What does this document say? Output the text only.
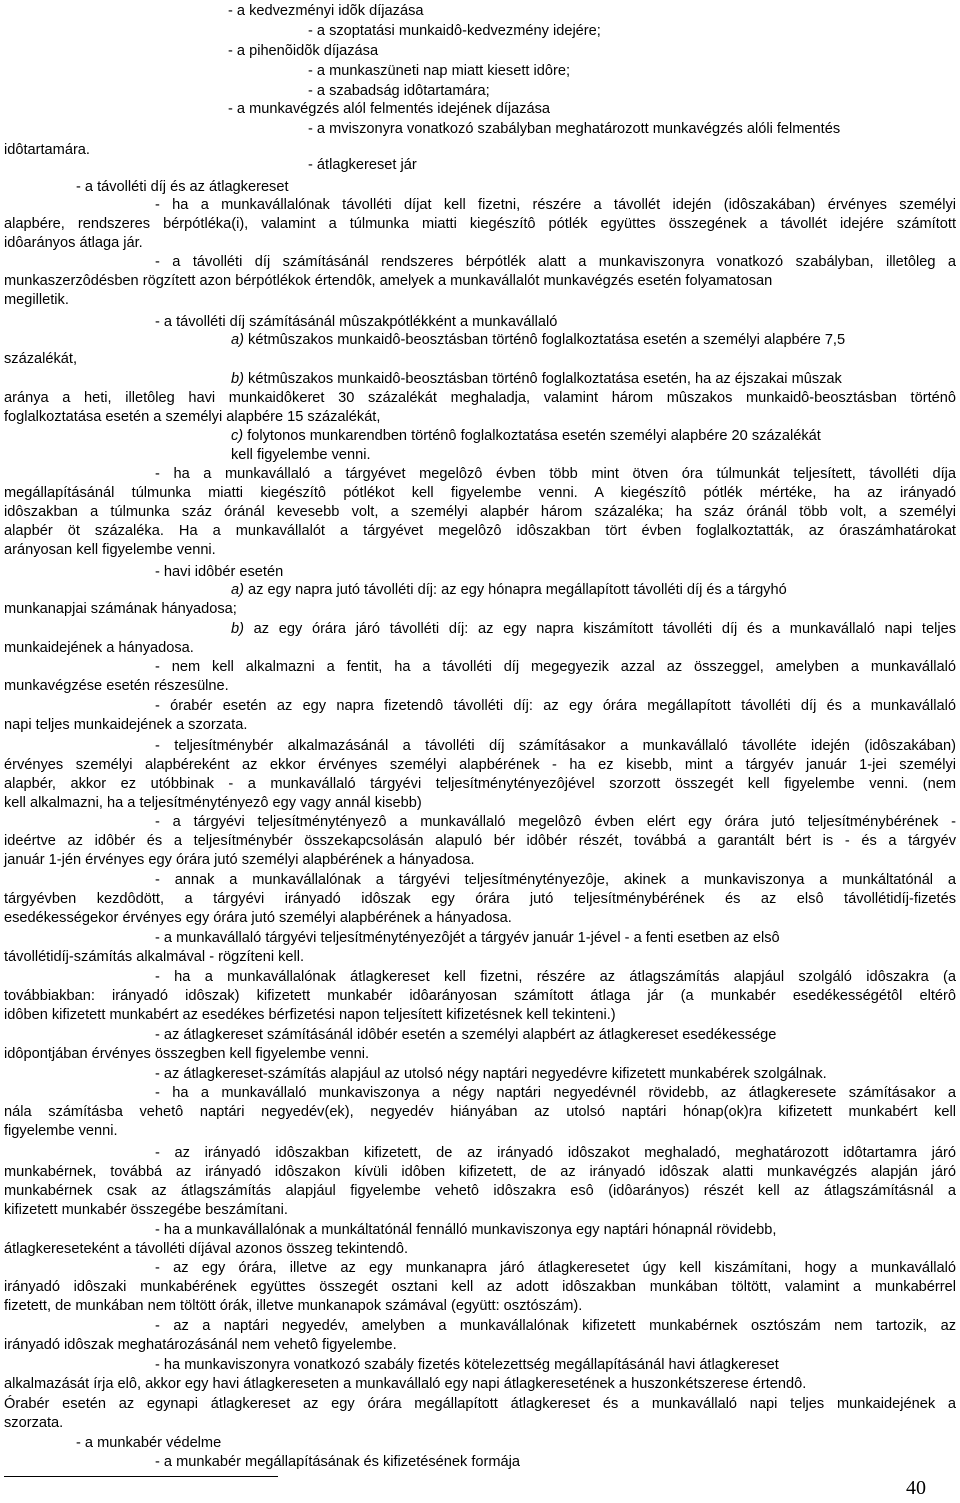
- a kedvezményi idõk díjazása
- a szoptatási munkaidô-kedvezmény idejére;
- a pihenõidõk díjazása
- a munkaszüneti nap miatt kiesett idôre;
- a szabadság idôtartamára;
- a munkavégzés alól felmentés idejének díjazása
- a mviszonyra vonatkozó szabályban meghatározott munkavégzés alóli felmentés
idôtartamára.
- átlagkereset jár
- a távolléti díj és az átlagkereset
- ha a munkavállalónak távolléti díjat kell fizetni, részére a távollét idején (idôszakában) érvényes személyi
alapbére, rendszeres bérpótléka(i), valamint a túlmunka miatti kiegészítô pótlék együttes összegének a távollét idejére számított
idôarányos átlaga jár.
- a távolléti díj számításánál rendszeres bérpótlék alatt a munkaviszonyra vonatkozó szabályban, illetôleg a
munkaszerzôdésben rögzített azon bérpótlékok értendôk, amelyek a munkavállalót munkavégzés esetén folyamatosan
megilletik.
- a távolléti díj számításánál mûszakpótlékként a munkavállaló
a) kétmûszakos munkaidô-beosztásban történô foglalkoztatása esetén a személyi alapbére 7,5
százalékát,
b) kétmûszakos munkaidô-beosztásban történô foglalkoztatása esetén, ha az éjszakai mûszak
aránya a heti, illetôleg havi munkaidôkeret 30 százalékát meghaladja, valamint három mûszakos munkaidô-beosztásban történô
foglalkoztatása esetén a személyi alapbére 15 százalékát,
c) folytonos munkarendben történô foglalkoztatása esetén személyi alapbére 20 százalékát
kell figyelembe venni.
- ha a munkavállaló a tárgyévet megelôzô évben több mint ötven óra túlmunkát teljesített, távolléti díja
megállapításánál túlmunka miatti kiegészítô pótlékot kell figyelembe venni. A kiegészítô pótlék mértéke, ha az irányadó
idôszakban a túlmunka száz óránál kevesebb volt, a személyi alapbér három százaléka; ha száz óránál több volt, a személyi
alapbér öt százaléka. Ha a munkavállalót a tárgyévet megelôzô idôszakban tört évben foglalkoztatták, az óraszámhatárokat
arányosan kell figyelembe venni.
- havi idôbér esetén
a) az egy napra jutó távolléti díj: az egy hónapra megállapított távolléti díj és a tárgyhó
munkanapjai számának hányadosa;
b) az egy órára járó távolléti díj: az egy napra kiszámított távolléti díj és a munkavállaló napi teljes
munkaidejének a hányadosa.
- nem kell alkalmazni a fentit, ha a távolléti díj megegyezik azzal az összeggel, amelyben a munkavállaló
munkavégzése esetén részesülne.
- órabér esetén az egy napra fizetendô távolléti díj: az egy órára megállapított távolléti díj és a munkavállaló
napi teljes munkaidejének a szorzata.
- teljesítménybér alkalmazásánál a távolléti díj számításakor a munkavállaló távolléte idején (idôszakában)
érvényes személyi alapbéreként az ekkor érvényes személyi alapbérének - ha ez kisebb, mint a tárgyév január 1-jei személyi
alapbér, akkor ez utóbbinak - a munkavállaló tárgyévi teljesítménytényezôjével szorzott összegét kell figyelembe venni. (nem
kell alkalmazni, ha a teljesítménytényezô egy vagy annál kisebb)
- a tárgyévi teljesítménytényezô a munkavállaló megelôzô évben elért egy órára jutó teljesítménybérének -
ideértve az idôbér és a teljesítménybér összekapcsolásán alapuló bér idôbér részét, továbbá a garantált bért is - és a tárgyév
január 1-jén érvényes egy órára jutó személyi alapbérének a hányadosa.
- annak a munkavállalónak a tárgyévi teljesítménytényezôje, akinek a munkaviszonya a munkáltatónál a
tárgyévben kezdôdött, a tárgyévi irányadó idôszak egy órára jutó teljesítménybérének és az elsô távollétidíj-fizetés
esedékességekor érvényes egy órára jutó személyi alapbérének a hányadosa.
- a munkavállaló tárgyévi teljesítménytényezôjét a tárgyév január 1-jével - a fenti esetben az elsô
távollétidíj-számítás alkalmával - rögzíteni kell.
- ha a munkavállalónak átlagkereset kell fizetni, részére az átlagszámítás alapjául szolgáló idôszakra (a
továbbiakban: irányadó idôszak) kifizetett munkabér idôarányosan számított átlaga jár (a munkabér esedékességétôl eltérô
idôben kifizetett munkabért az esedékes bérfizetési napon teljesített kifizetésnek kell tekinteni.)
- az átlagkereset számításánál idôbér esetén a személyi alapbért az átlagkereset esedékessége
idôpontjában érvényes összegben kell figyelembe venni.
- az átlagkereset-számítás alapjául az utolsó négy naptári negyedévre kifizetett munkabérek szolgálnak.
- ha a munkavállaló munkaviszonya a négy naptári negyedévnél rövidebb, az átlagkeresete számításakor a
nála számításba vehetô naptári negyedév(ek), negyedév hiányában az utolsó naptári hónap(ok)ra kifizetett munkabért kell
figyelembe venni.
- az irányadó idôszakban kifizetett, de az irányadó idôszakot meghaladó, meghatározott idôtartamra járó
munkabérnek, továbbá az irányadó idôszakon kívüli idôben kifizetett, de az irányadó idôszak alatti munkavégzés alapján járó
munkabérnek csak az átlagszámítás alapjául figyelembe vehetô idôszakra esô (idôarányos) részét kell az átlagszámításnál a
kifizetett munkabér összegébe beszámítani.
- ha a munkavállalónak a munkáltatónál fennálló munkaviszonya egy naptári hónapnál rövidebb,
átlagkereseteként a távolléti díjával azonos összeg tekintendô.
- az egy órára, illetve az egy munkanapra járó átlagkeresetet úgy kell kiszámítani, hogy a munkavállaló
irányadó idôszaki munkabérének együttes összegét osztani kell az adott idôszakban munkában töltött, valamint a munkabérrel
fizetett, de munkában nem töltött órák, illetve munkanapok számával (együtt: osztószám).
- az a naptári negyedév, amelyben a munkavállalónak kifizetett munkabérnek osztószám nem tartozik, az
irányadó idôszak meghatározásánál nem vehetô figyelembe.
- ha munkaviszonyra vonatkozó szabály fizetés kötelezettség megállapításánál havi átlagkereset
alkalmazását írja elô, akkor egy havi átlagkereseten a munkavállaló egy napi átlagkeresetének a huszonkétszerese értendô.
Órabér esetén az egynapi átlagkereset az egy órára megállapított átlagkereset és a munkavállaló napi teljes munkaidejének a
szorzata.
- a munkabér védelme
- a munkabér megállapításának és kifizetésének formája
40
